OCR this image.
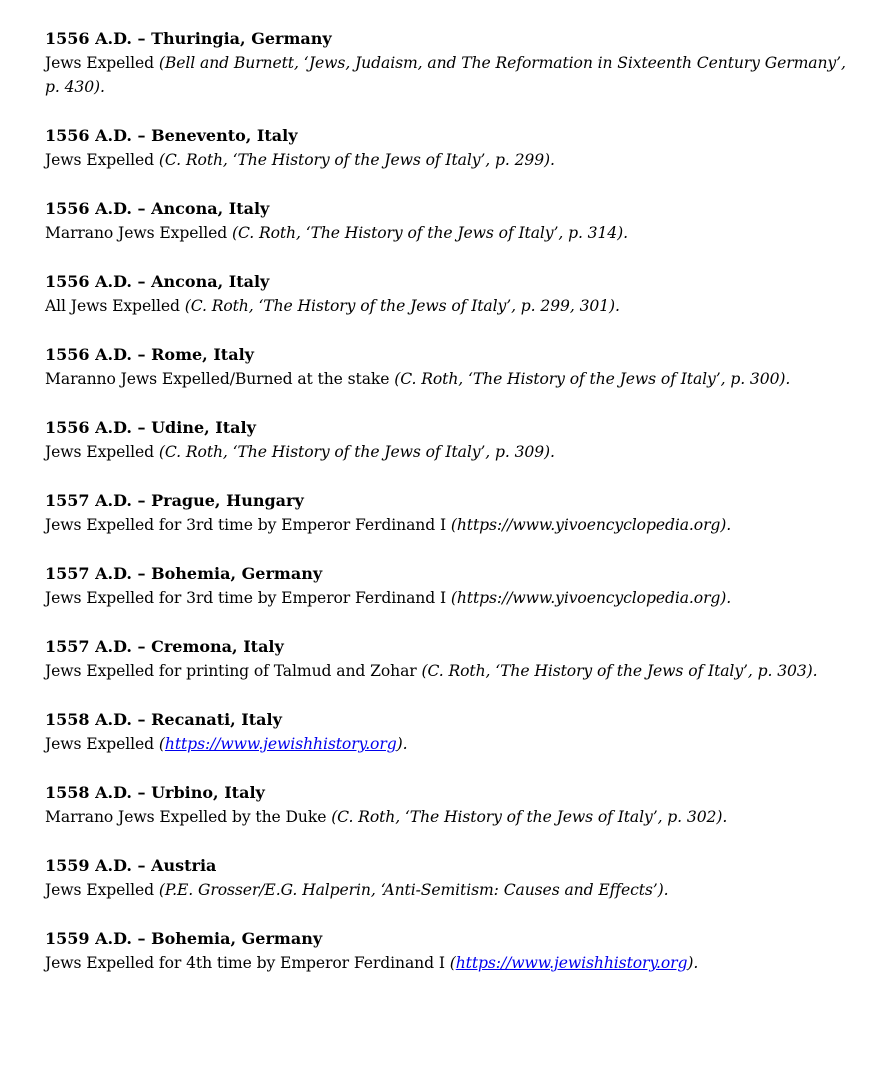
1556 A.D. – Thuringia, Germany
Jews Expelled (Bell and Burnett, ‘Jews, Judaism, and The Reformation in Sixteenth Century Germany’, p. 430).
1556 A.D. – Benevento, Italy
Jews Expelled (C. Roth, ‘The History of the Jews of Italy’, p. 299).
1556 A.D. – Ancona, Italy
Marrano Jews Expelled (C. Roth, ‘The History of the Jews of Italy’, p. 314).
1556 A.D. – Ancona, Italy
All Jews Expelled (C. Roth, ‘The History of the Jews of Italy’, p. 299, 301).
1556 A.D. – Rome, Italy
Maranno Jews Expelled/Burned at the stake (C. Roth, ‘The History of the Jews of Italy’, p. 300).
1556 A.D. – Udine, Italy
Jews Expelled (C. Roth, ‘The History of the Jews of Italy’, p. 309).
1557 A.D. – Prague, Hungary
Jews Expelled for 3rd time by Emperor Ferdinand I (https://www.yivoencyclopedia.org).
1557 A.D. – Bohemia, Germany
Jews Expelled for 3rd time by Emperor Ferdinand I (https://www.yivoencyclopedia.org).
1557 A.D. – Cremona, Italy
Jews Expelled for printing of Talmud and Zohar (C. Roth, ‘The History of the Jews of Italy’, p. 303).
1558 A.D. – Recanati, Italy
Jews Expelled (https://www.jewishhistory.org).
1558 A.D. – Urbino, Italy
Marrano Jews Expelled by the Duke (C. Roth, ‘The History of the Jews of Italy’, p. 302).
1559 A.D. – Austria
Jews Expelled (P.E. Grosser/E.G. Halperin, ‘Anti-Semitism: Causes and Effects’).
1559 A.D. – Bohemia, Germany
Jews Expelled for 4th time by Emperor Ferdinand I (https://www.jewishhistory.org).
